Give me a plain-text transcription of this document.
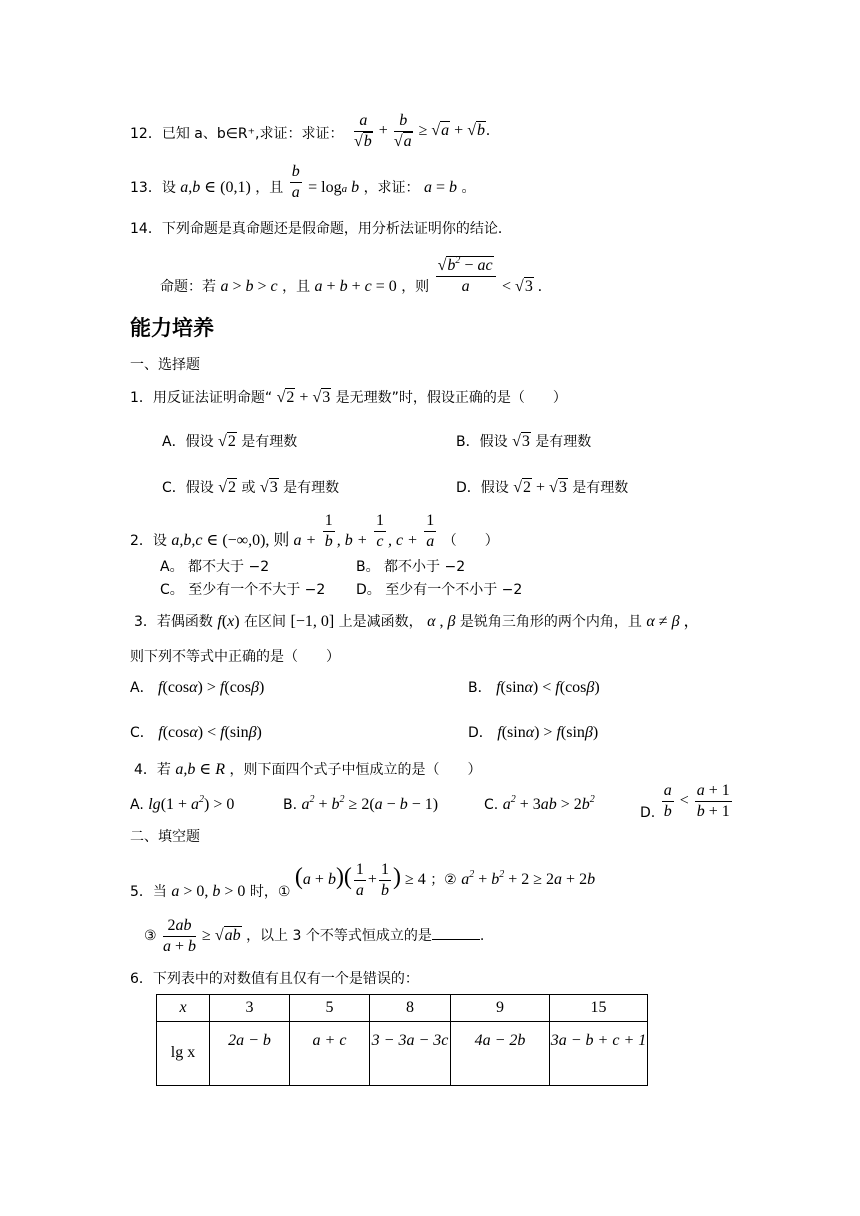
12．已知 a、b∈R⁺,求证：求证： $\frac{a}{√b} + \frac{b}{√a} \ge √a + √b$.
13．设 a,b ∈ (0,1) ，且 $\frac{b}{a} = \log a$ b ，求证： a = b 。
14．下列命题是真命题还是假命题，用分析法证明你的结论．
命题：若 a > b > c ，且 a + b + c = 0 ，则 $\frac{√b^2 - ac}{a} < √3$ .
能力培养
一、选择题
1．用反证法证明命题“ √2 + √3 是无理数”时，假设正确的是（　　）
A．假设 √2 是有理数	B．假设 √3 是有理数
C．假设 √2 或 √3 是有理数	D．假设 √2 + √3 是有理数
2．设 a,b,c ∈ (−∞,0), 则 $a + \frac{1}{b}$ , $b + \frac{1}{c}$ , $c + \frac{1}{a}$ （　　）
A。 都不大于 −2	B。 都不小于 −2
C。 至少有一个不大于 −2 D。 至少有一个不小于 −2
3．若偶函数 f(x) 在区间 [−1, 0] 上是减函数， α , β 是锐角三角形的两个内角，且 α ≠ β ，
则下列不等式中正确的是（　　）
A． f(cosα) > f(cosβ)	B． f(sinα) < f(cosβ)
C． f(cosα) < f(sinβ)	D． f(sinα) > f(sinβ)
4．若 a,b ∈ R ，则下面四个式子中恒成立的是（　　）
A. $\lg(1 + a^2) > 0$	B. $a^2 + b^2 \ge 2(a - b - 1)$	C. $a^2 + 3ab > 2b^2$
D. $\frac{a}{b} < \frac{a + 1}{b + 1}$
二、填空题
5．当 a > 0, b > 0 时，① $(a + b)( \frac{1}{a} + \frac{1}{b}$ ) ≥ 4 ；② $a^2 + b^2 + 2 \ge 2a + 2b$
③ $\frac{2ab}{a + b} \ge √ab$ ，以上 3 个不等式恒成立的是	.
6．下列表中的对数值有且仅有一个是错误的：
x	3	5	8	9	15
lg x	2a − b	a + c	3 − 3a − 3c	4a − 2b	3a − b + c + 1
